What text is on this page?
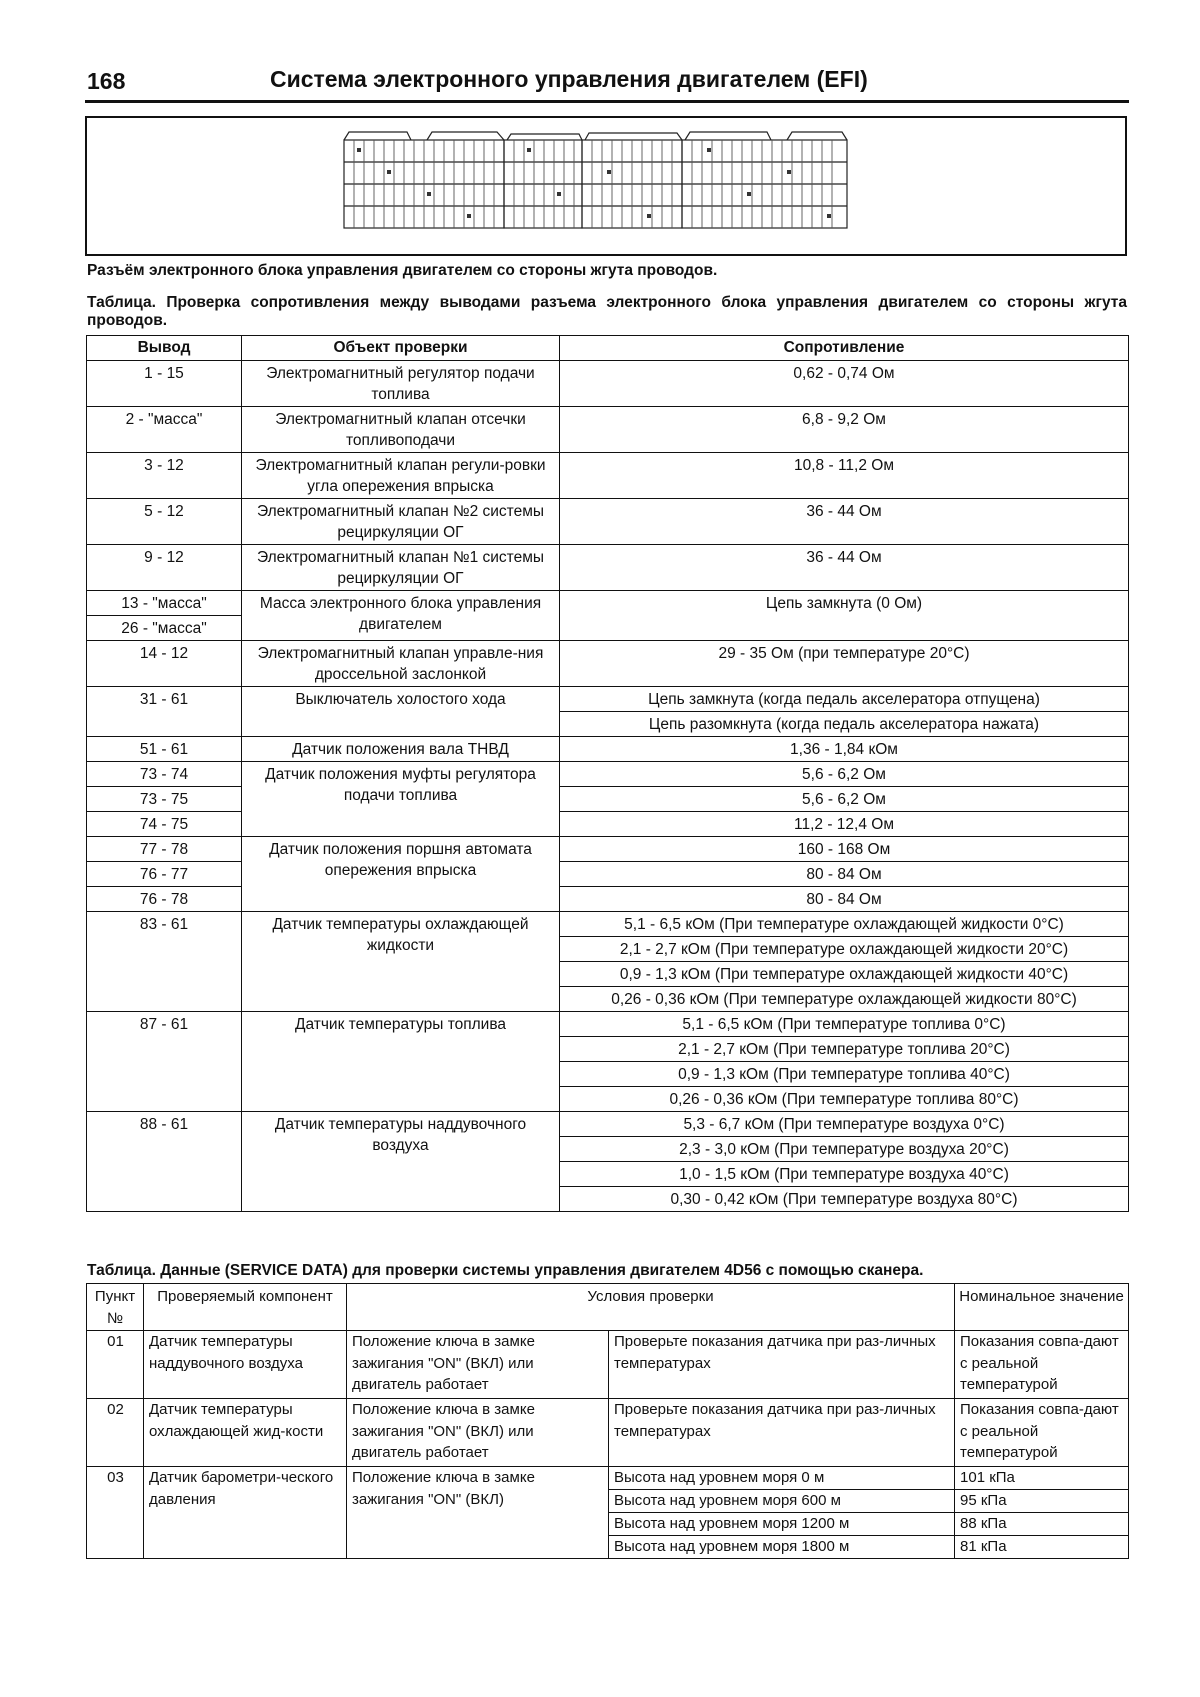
168	Система электронного управления двигателем (EFI)
Разъём электронного блока управления двигателем со стороны жгута проводов.
Таблица. Проверка сопротивления между выводами разъема электронного блока управления двигателем со стороны жгута проводов.
Вывод	Объект проверки	Сопротивление
1 - 15	Электромагнитный регулятор подачи топлива	0,62 - 0,74 Ом
2 - "масса"	Электромагнитный клапан отсечки топливоподачи	6,8 - 9,2 Ом
3 - 12	Электромагнитный клапан регули-ровки угла опережения впрыска	10,8 - 11,2 Ом
5 - 12	Электромагнитный клапан №2 системы рециркуляции ОГ	36 - 44 Ом
9 - 12	Электромагнитный клапан №1 системы рециркуляции ОГ	36 - 44 Ом
13 - "масса"	Масса электронного блока управления двигателем	Цепь замкнута (0 Ом)
26 - "масса"		
14 - 12	Электромагнитный клапан управле-ния дроссельной заслонкой	29 - 35 Ом (при температуре 20°С)
31 - 61	Выключатель холостого хода	Цепь замкнута (когда педаль акселератора отпущена)
		Цепь разомкнута (когда педаль акселератора нажата)
51 - 61	Датчик положения вала ТНВД	1,36 - 1,84 кОм
73 - 74	Датчик положения муфты регулятора подачи топлива	5,6 - 6,2 Ом
73 - 75		5,6 - 6,2 Ом
74 - 75		11,2 - 12,4 Ом
77 - 78	Датчик положения поршня автомата опережения впрыска	160 - 168 Ом
76 - 77		80 - 84 Ом
76 - 78		80 - 84 Ом
83 - 61	Датчик температуры охлаждающей жидкости	5,1 - 6,5 кОм (При температуре охлаждающей жидкости 0°С)
		2,1 - 2,7 кОм (При температуре охлаждающей жидкости 20°С)
		0,9 - 1,3 кОм (При температуре охлаждающей жидкости 40°С)
		0,26 - 0,36 кОм (При температуре охлаждающей жидкости 80°С)
87 - 61	Датчик температуры топлива	5,1 - 6,5 кОм (При температуре топлива 0°С)
		2,1 - 2,7 кОм (При температуре топлива 20°С)
		0,9 - 1,3 кОм (При температуре топлива 40°С)
		0,26 - 0,36 кОм (При температуре топлива 80°С)
88 - 61	Датчик температуры наддувочного воздуха	5,3 - 6,7 кОм (При температуре воздуха 0°С)
		2,3 - 3,0 кОм (При температуре воздуха 20°С)
		1,0 - 1,5 кОм (При температуре воздуха 40°С)
		0,30 - 0,42 кОм (При температуре воздуха 80°С)
Таблица. Данные (SERVICE DATA) для проверки системы управления двигателем 4D56 с помощью сканера.
Пункт №	Проверяемый компонент	Условия проверки		Номинальное значение
01	Датчик температуры наддувочного воздуха	Положение ключа в замке зажигания "ON" (ВКЛ) или двигатель работает	Проверьте показания датчика при раз-личных температурах	Показания совпа-дают с реальной температурой
02	Датчик температуры охлаждающей жид-кости	Положение ключа в замке зажигания "ON" (ВКЛ) или двигатель работает	Проверьте показания датчика при раз-личных температурах	Показания совпа-дают с реальной температурой
03	Датчик барометри-ческого давления	Положение ключа в замке зажигания "ON" (ВКЛ)	Высота над уровнем моря 0 м	101 кПа
			Высота над уровнем моря 600 м	95 кПа
			Высота над уровнем моря 1200 м	88 кПа
			Высота над уровнем моря 1800 м	81 кПа
